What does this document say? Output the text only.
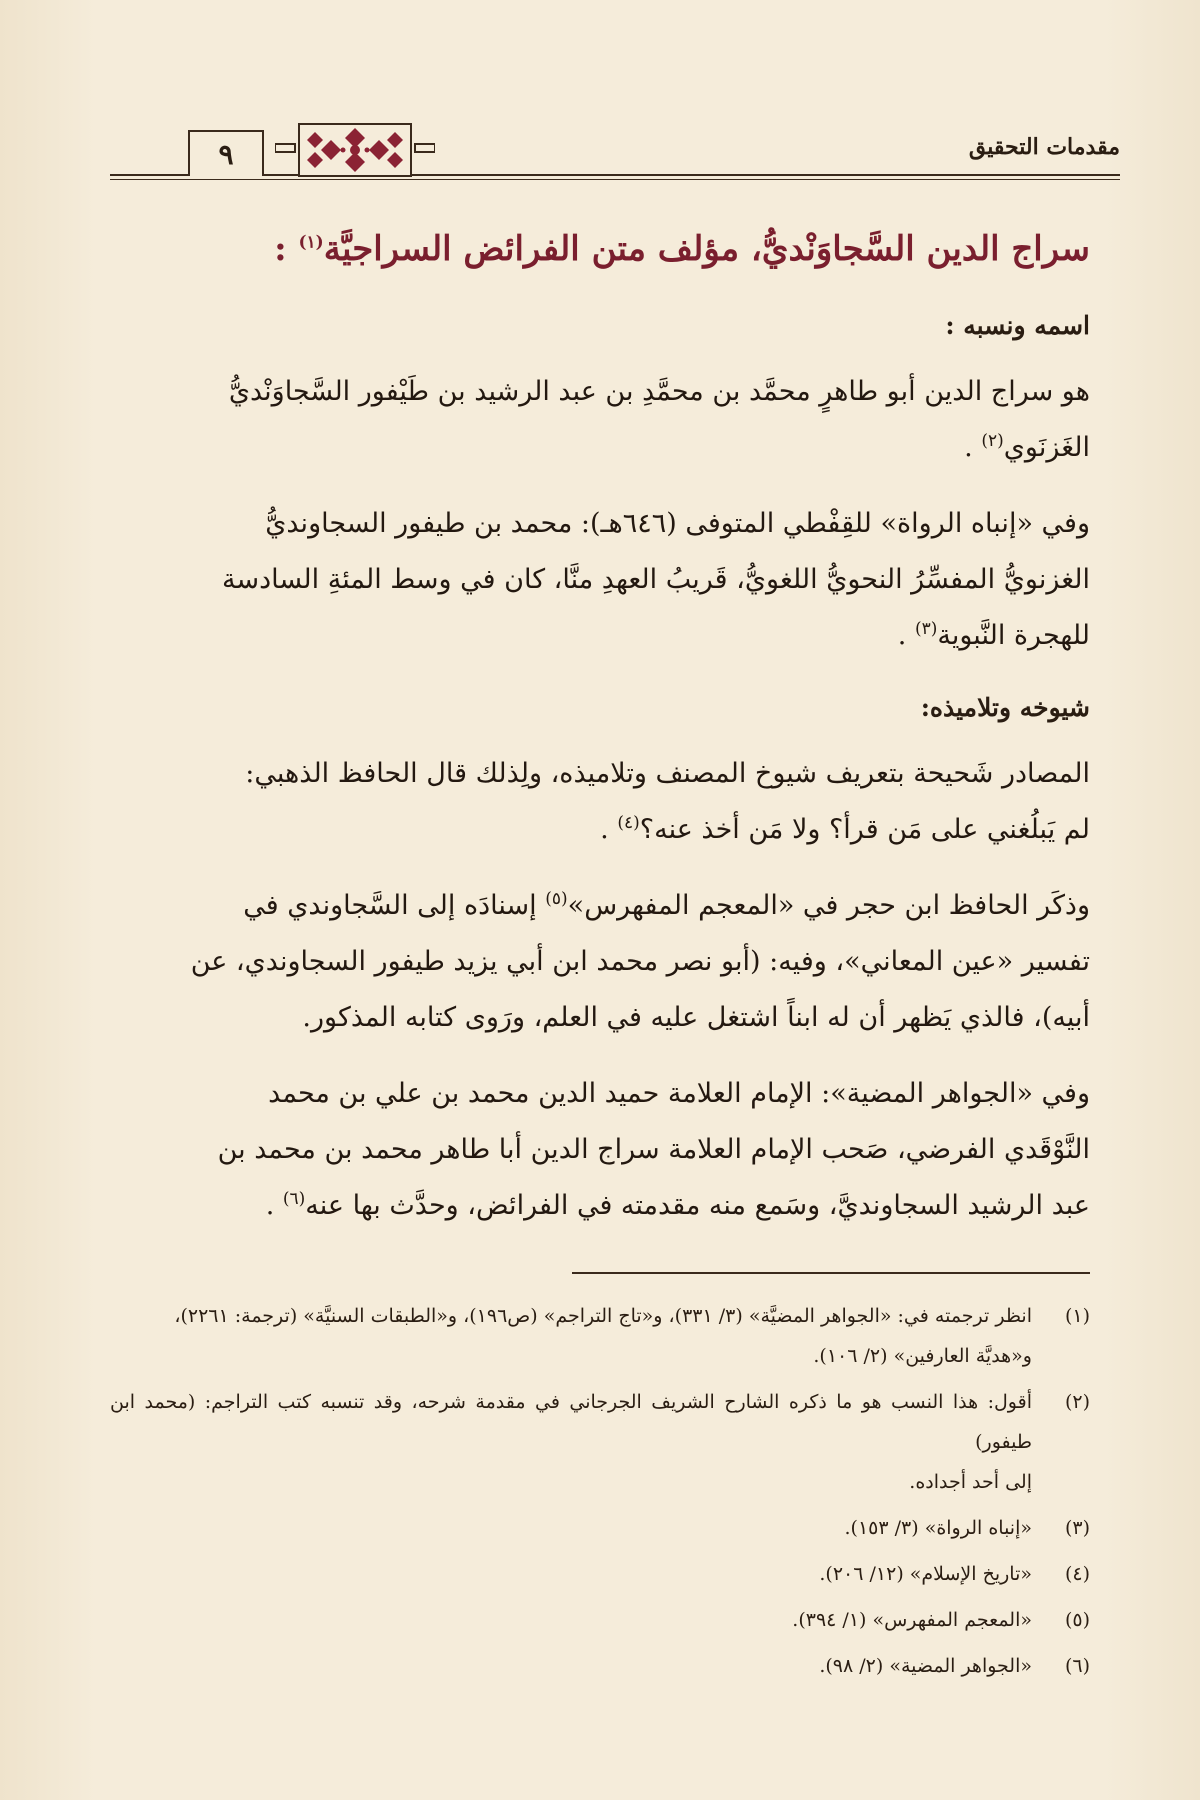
مقدمات التحقيق
٩
سراج الدين السَّجاوَنْديُّ، مؤلف متن الفرائض السراجيَّة$^{(١)}$ :
اسمه ونسبه :
هو سراج الدين أبو طاهرٍ محمَّد بن محمَّدِ بن عبد الرشيد بن طَيْفور السَّجاوَنْديُّ
الغَزنَوي$^{(٢)}$ .
وفي «إنباه الرواة» للقِفْطي المتوفى (٦٤٦هـ): محمد بن طيفور السجاونديُّ
الغزنويُّ المفسِّرُ النحويُّ اللغويُّ، قَريبُ العهدِ منَّا، كان في وسط المئةِ السادسة
للهجرة النَّبوية$^{(٣)}$ .
شيوخه وتلاميذه:
المصادر شَحيحة بتعريف شيوخ المصنف وتلاميذه، ولِذلك قال الحافظ الذهبي:
لم يَبلُغني على مَن قرأ؟ ولا مَن أخذ عنه؟$^{(٤)}$ .
وذكَر الحافظ ابن حجر في «المعجم المفهرس»$^{(٥)}$ إسنادَه إلى السَّجاوندي في
تفسير «عين المعاني»، وفيه: (أبو نصر محمد ابن أبي يزيد طيفور السجاوندي، عن
أبيه)، فالذي يَظهر أن له ابناً اشتغل عليه في العلم، ورَوى كتابه المذكور.
وفي «الجواهر المضية»: الإمام العلامة حميد الدين محمد بن علي بن محمد
النَّوْقَدي الفرضي، صَحب الإمام العلامة سراج الدين أبا طاهر محمد بن محمد بن
عبد الرشيد السجاونديَّ، وسَمع منه مقدمته في الفرائض، وحدَّث بها عنه$^{(٦)}$ .
(١)
انظر ترجمته في: «الجواهر المضيَّة» (٣/ ٣٣١)، و«تاج التراجم» (ص١٩٦)، و«الطبقات السنيَّة» (ترجمة: ٢٢٦١)،
و«هديَّة العارفين» (٢/ ١٠٦).
(٢)
أقول: هذا النسب هو ما ذكره الشارح الشريف الجرجاني في مقدمة شرحه، وقد تنسبه كتب التراجم: (محمد ابن طيفور)
إلى أحد أجداده.
(٣)
«إنباه الرواة» (٣/ ١٥٣).
(٤)
«تاريخ الإسلام» (١٢/ ٢٠٦).
(٥)
«المعجم المفهرس» (١/ ٣٩٤).
(٦)
«الجواهر المضية» (٢/ ٩٨).
